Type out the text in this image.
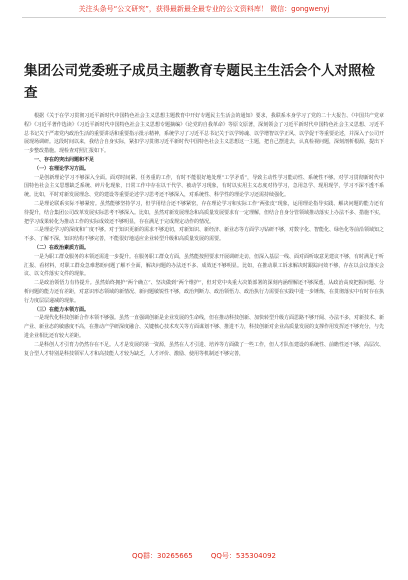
关注头条号“公文研究”，获得最新最全最专业的公文资料库！ 微信：gongwenyj
集团公司党委班子成员主题教育专题民主生活会个人对照检查

根据《关于在学习贯彻习近平新时代中国特色社会主义思想主题教育中开好专题民主生活会的通知》要求，我联系本身学习了党的二十大报告、《中国共产党章程》《习近平著作选读》《习近平新时代中国特色社会主义思想专题摘编》《论党的自我革命》等原文原著，深刻领会了习近平新时代中国特色社会主义思想、习近平总书记关于严肃党内政治生活的重要讲话和重要指示批示精神，系统学习了习近平总书记关于以学铸魂、以学增智以学正风、以学促干等重要论述，并深入子公司开展现场调研。这段时间以来，我结合自身实际，紧扣学习贯彻习近平新时代中国特色社会主义思想这一主题，把自己摆进去，认真检视问题，深刻剖析根源，提出下一步整改措施。现检查对照汇报如下。

一、存在的突出问题和不足

（一）在理论学习方面。

一是创新理论学习不够深入全面。面对时间紧、任务重的工作，有时不能很好地处理“工学矛盾”，导致主动性学习能动性、系统性不够。对学习贯彻新时代中国特色社会主义思想缺乏系统、碎片化现象，日常工作中存在以干代学、被动学习现象，有时以实用主义态度对待学习，急用急学、现用现学，学习不深不透不系统。比如，平时对新发展理念、党的建设等重要论述学习思考还不够深入，对系统性、科学性的理论学习还需持续强化。

二是理论联系实际不够紧密。虽然能够坚持学习，但学用结合还不够紧密，存在理论学习和实际工作“两张皮”现象，运用理论指导实践、解决问题的能力还有待提升，结合集团公司改革发展实际思考不够深入。比如，虽然对新发展理念和高质量发展要求有一定理解，但结合自身分管领域推动落实上办法不多、措施不实，把学习成果转化为推动工作的实际成效还不够明显，存在满足于完成规定动作的情况。

三是理论学习的深度和广度不够。对于知识更新的需求不够迫切，对新知识、新经济、新业态等方面学习钻研不够，对数字化、智能化、绿色化等前沿领域知之不多、了解不深，知识结构不够完善，不能很好地适应企业转型升级和高质量发展的需要。

（二）在政治素质方面。

一是为职工群众服务的本领还需进一步提升。在服务职工群众方面，虽然能按照要求开展调研走访，但深入基层一线、面对面听取意见建议不够，有时满足于听汇报、看材料，对职工群众急难愁盼问题了解不全面，解决问题的办法还不多、成效还不够明显。比如，在推动职工诉求解决时跟踪问效不够，存在以会议落实会议、以文件落实文件的现象。

二是政治领悟力有待提升。虽然始终拥护“两个确立”、坚决做到“两个维护”，但对党中央重大决策部署的深刻内涵理解还不够深透，从政治高度把握问题、分析问题的能力还有差距，对意识形态领域的新情况、新问题敏锐性不够，政治判断力、政治领悟力、政治执行力需要在实践中进一步锤炼，在贯彻落实中有时存在执行力度层层递减的现象。

（三）在能力本领方面。

一是现代化科技创新合作本领不够强。虽然一直强调创新是企业发展的生命线，但在推动科技创新、加快转型升级方面思路不够开阔、办法不多，对新技术、新产业、新业态的敏感度不高，在推动产学研深度融合、关键核心技术攻关等方面谋划不够、推进不力，科技创新对企业高质量发展的支撑作用发挥还不够充分，与先进企业相比还有较大差距。

二是科创人才引育力仍然存在不足。人才是发展的第一资源，虽然在人才引进、培养等方面做了一些工作，但人才队伍建设的系统性、前瞻性还不够，高层次、复合型人才特别是科技领军人才和高技能人才较为缺乏，人才评价、激励、使用等机制还不够完善，

QQ群：30265665	QQ号：535304092
